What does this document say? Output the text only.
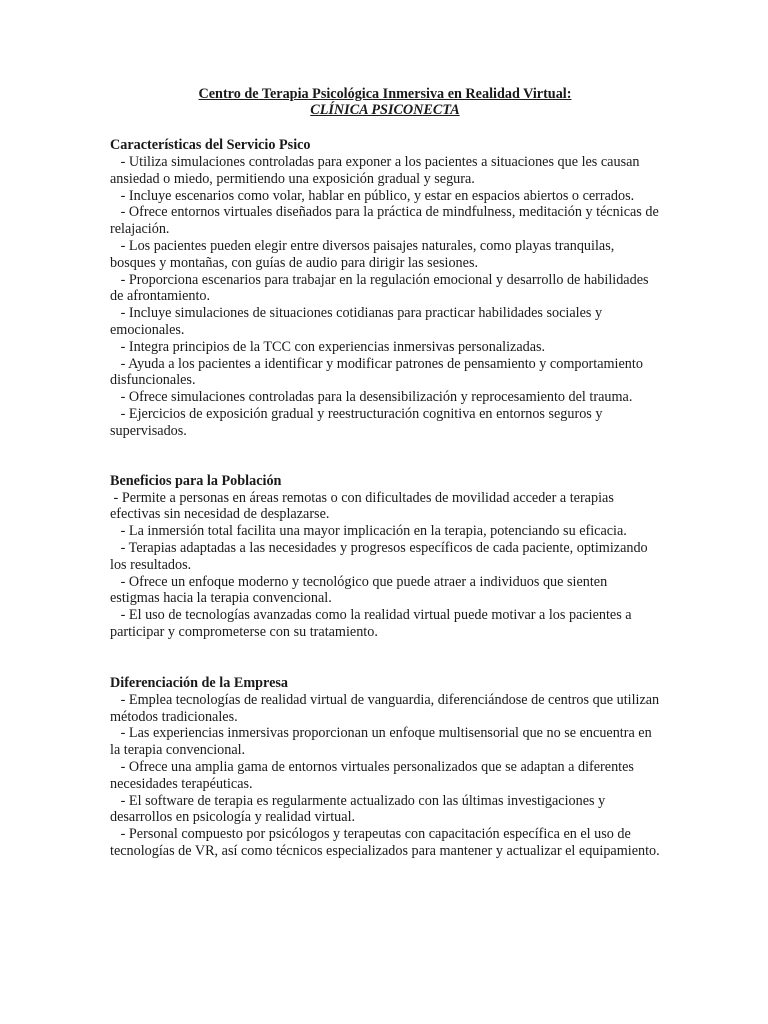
Centro de Terapia Psicológica Inmersiva en Realidad Virtual:
CLÍNICA PSICONECTA
Características del Servicio Psico

- Utiliza simulaciones controladas para exponer a los pacientes a situaciones que les causan ansiedad o miedo, permitiendo una exposición gradual y segura.

- Incluye escenarios como volar, hablar en público, y estar en espacios abiertos o cerrados.

- Ofrece entornos virtuales diseñados para la práctica de mindfulness, meditación y técnicas de relajación.

- Los pacientes pueden elegir entre diversos paisajes naturales, como playas tranquilas, bosques y montañas, con guías de audio para dirigir las sesiones.

- Proporciona escenarios para trabajar en la regulación emocional y desarrollo de habilidades de afrontamiento.

- Incluye simulaciones de situaciones cotidianas para practicar habilidades sociales y emocionales.

- Integra principios de la TCC con experiencias inmersivas personalizadas.

- Ayuda a los pacientes a identificar y modificar patrones de pensamiento y comportamiento disfuncionales.

- Ofrece simulaciones controladas para la desensibilización y reprocesamiento del trauma.

- Ejercicios de exposición gradual y reestructuración cognitiva en entornos seguros y supervisados.

Beneficios para la Población

- Permite a personas en áreas remotas o con dificultades de movilidad acceder a terapias efectivas sin necesidad de desplazarse.

- La inmersión total facilita una mayor implicación en la terapia, potenciando su eficacia.

- Terapias adaptadas a las necesidades y progresos específicos de cada paciente, optimizando los resultados.

- Ofrece un enfoque moderno y tecnológico que puede atraer a individuos que sienten estigmas hacia la terapia convencional.

- El uso de tecnologías avanzadas como la realidad virtual puede motivar a los pacientes a participar y comprometerse con su tratamiento.

Diferenciación de la Empresa

- Emplea tecnologías de realidad virtual de vanguardia, diferenciándose de centros que utilizan métodos tradicionales.

- Las experiencias inmersivas proporcionan un enfoque multisensorial que no se encuentra en la terapia convencional.

- Ofrece una amplia gama de entornos virtuales personalizados que se adaptan a diferentes necesidades terapéuticas.

- El software de terapia es regularmente actualizado con las últimas investigaciones y desarrollos en psicología y realidad virtual.

- Personal compuesto por psicólogos y terapeutas con capacitación específica en el uso de tecnologías de VR, así como técnicos especializados para mantener y actualizar el equipamiento.
